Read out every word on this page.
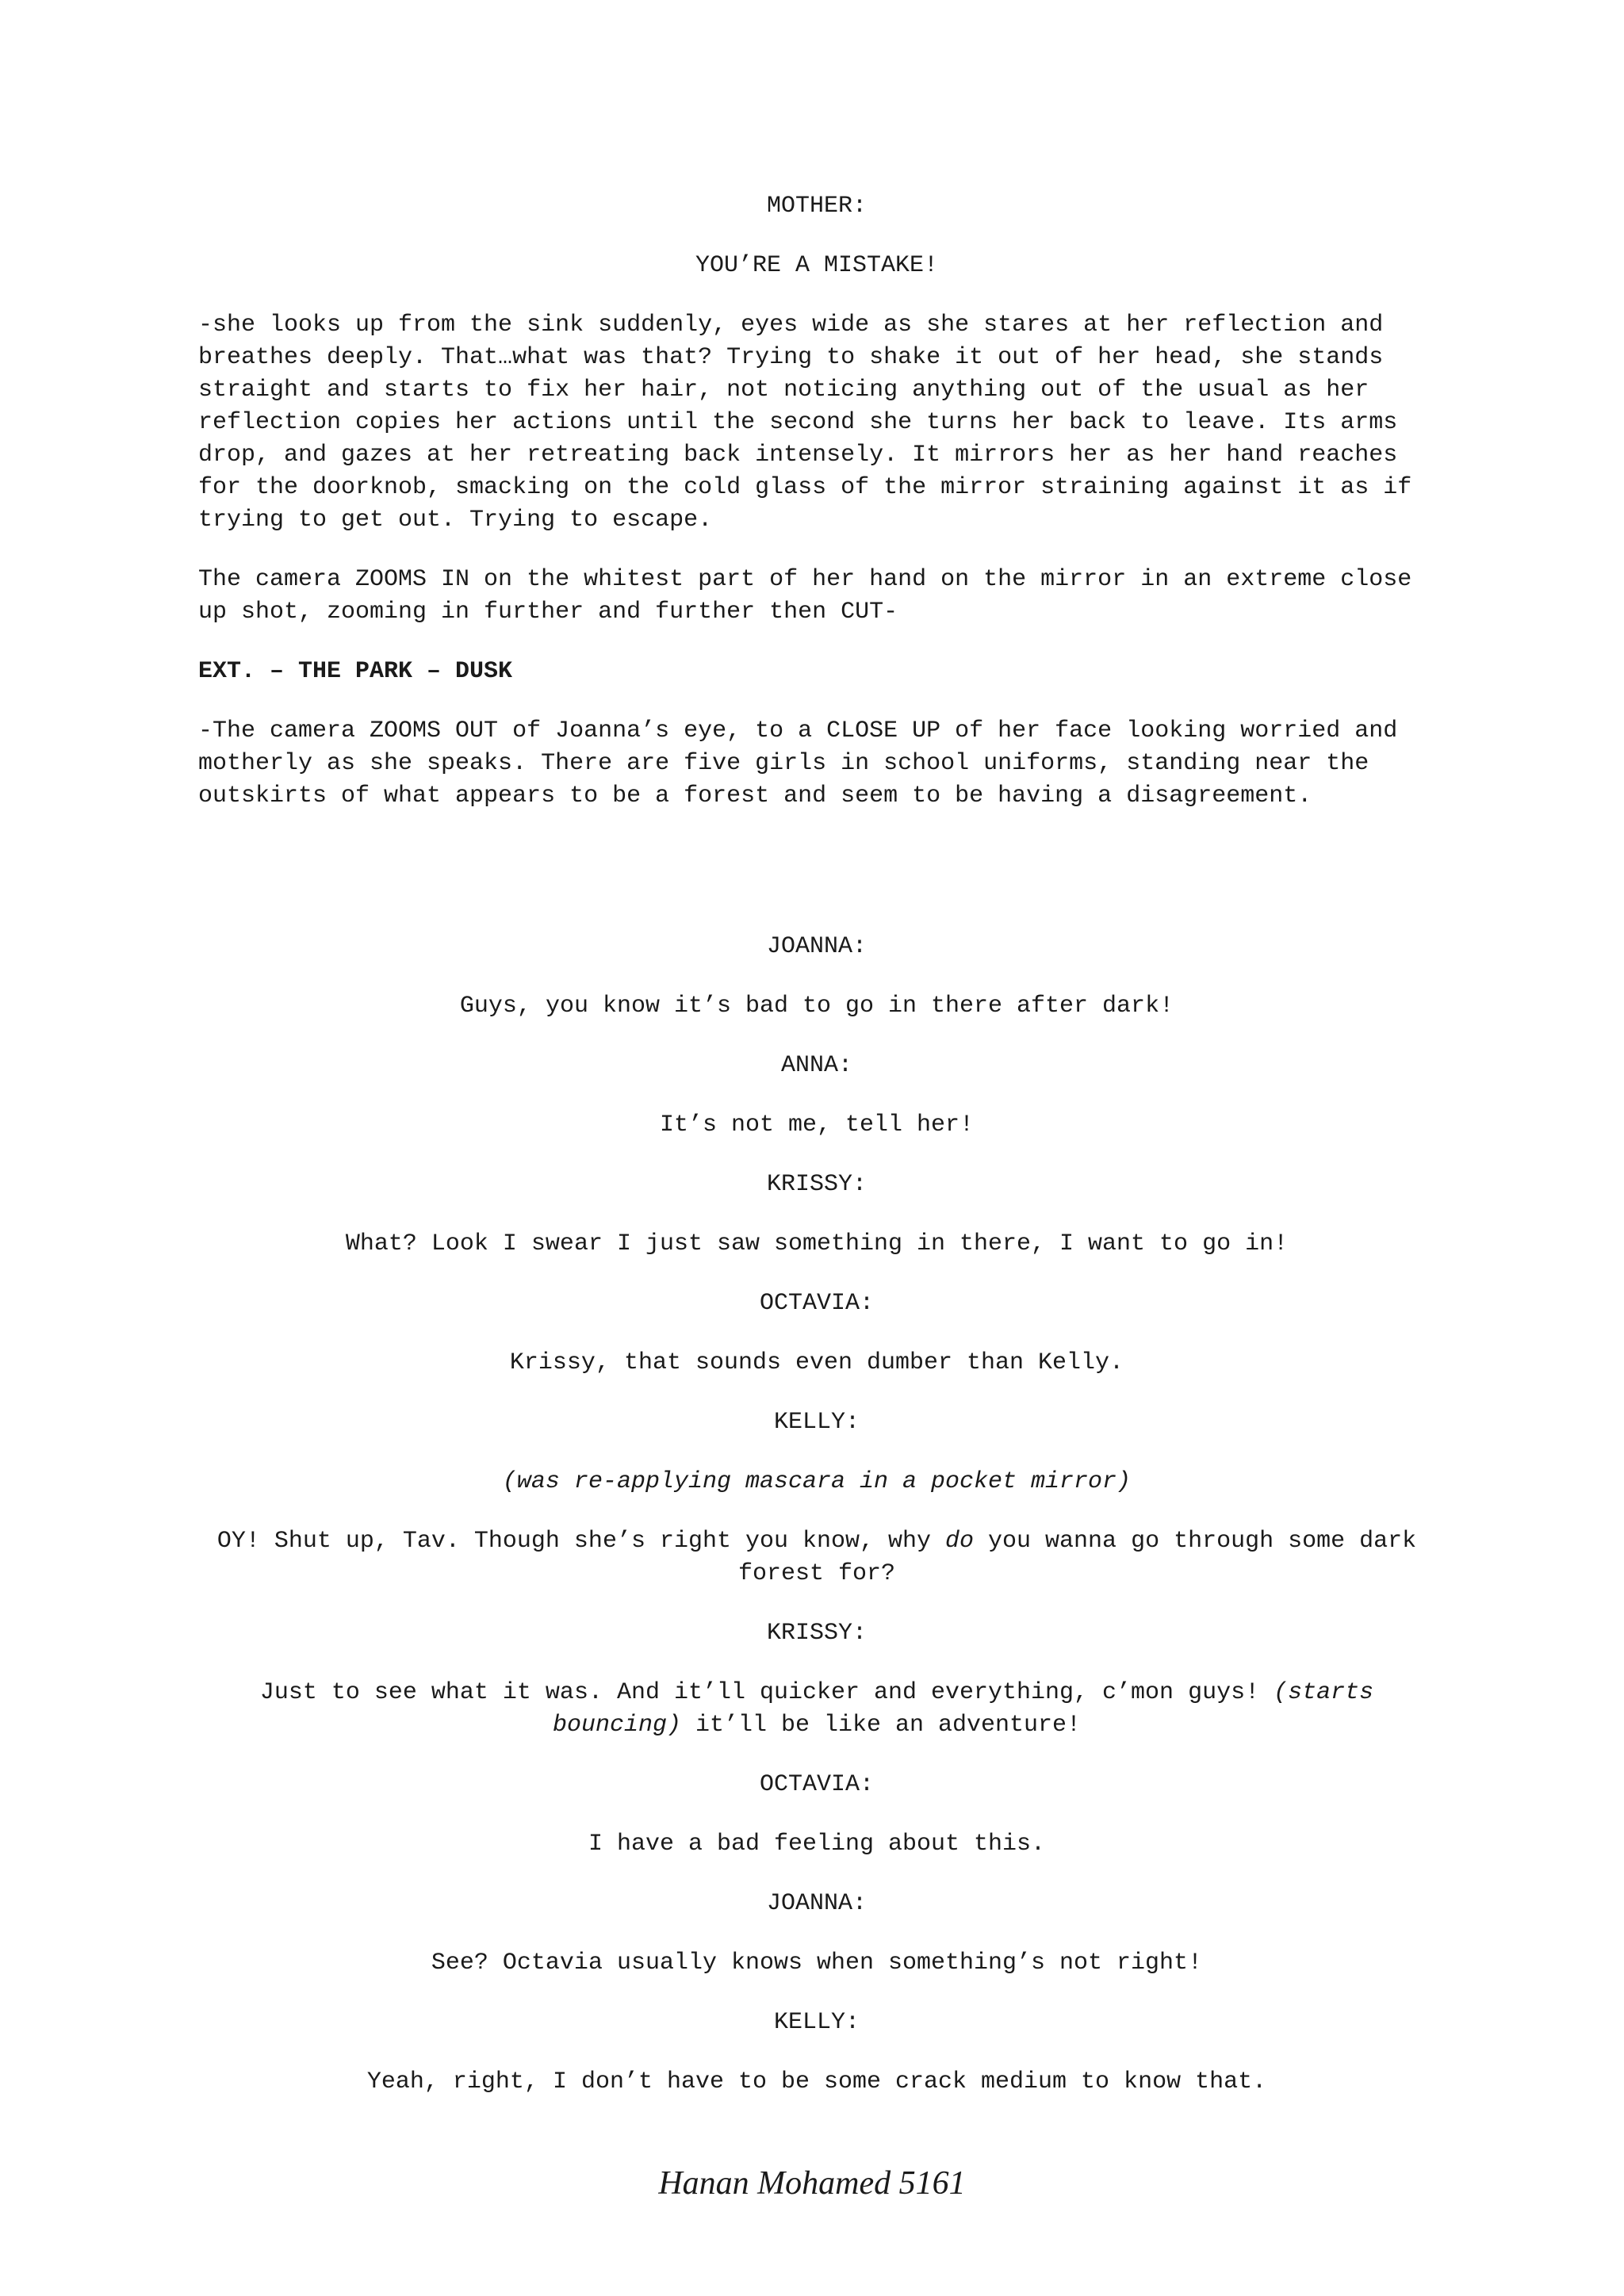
MOTHER:

YOU’RE A MISTAKE!

-she looks up from the sink suddenly, eyes wide as she stares at her reflection and breathes deeply. That…what was that? Trying to shake it out of her head, she stands straight and starts to fix her hair, not noticing anything out of the usual as her reflection copies her actions until the second she turns her back to leave. Its arms drop, and gazes at her retreating back intensely. It mirrors her as her hand reaches for the doorknob, smacking on the cold glass of the mirror straining against it as if trying to get out. Trying to escape.

The camera ZOOMS IN on the whitest part of her hand on the mirror in an extreme close up shot, zooming in further and further then CUT-

EXT. – THE PARK – DUSK

-The camera ZOOMS OUT of Joanna’s eye, to a CLOSE UP of her face looking worried and motherly as she speaks. There are five girls in school uniforms, standing near the outskirts of what appears to be a forest and seem to be having a disagreement.

JOANNA:

Guys, you know it’s bad to go in there after dark!

ANNA:

It’s not me, tell her!

KRISSY:

What? Look I swear I just saw something in there, I want to go in!

OCTAVIA:

Krissy, that sounds even dumber than Kelly.

KELLY:

(was re-applying mascara in a pocket mirror)

OY! Shut up, Tav. Though she’s right you know, why do you wanna go through some dark forest for?

KRISSY:

Just to see what it was. And it’ll quicker and everything, c’mon guys! (starts bouncing) it’ll be like an adventure!

OCTAVIA:

I have a bad feeling about this.

JOANNA:

See? Octavia usually knows when something’s not right!

KELLY:

Yeah, right, I don’t have to be some crack medium to know that.

Hanan Mohamed 5161
